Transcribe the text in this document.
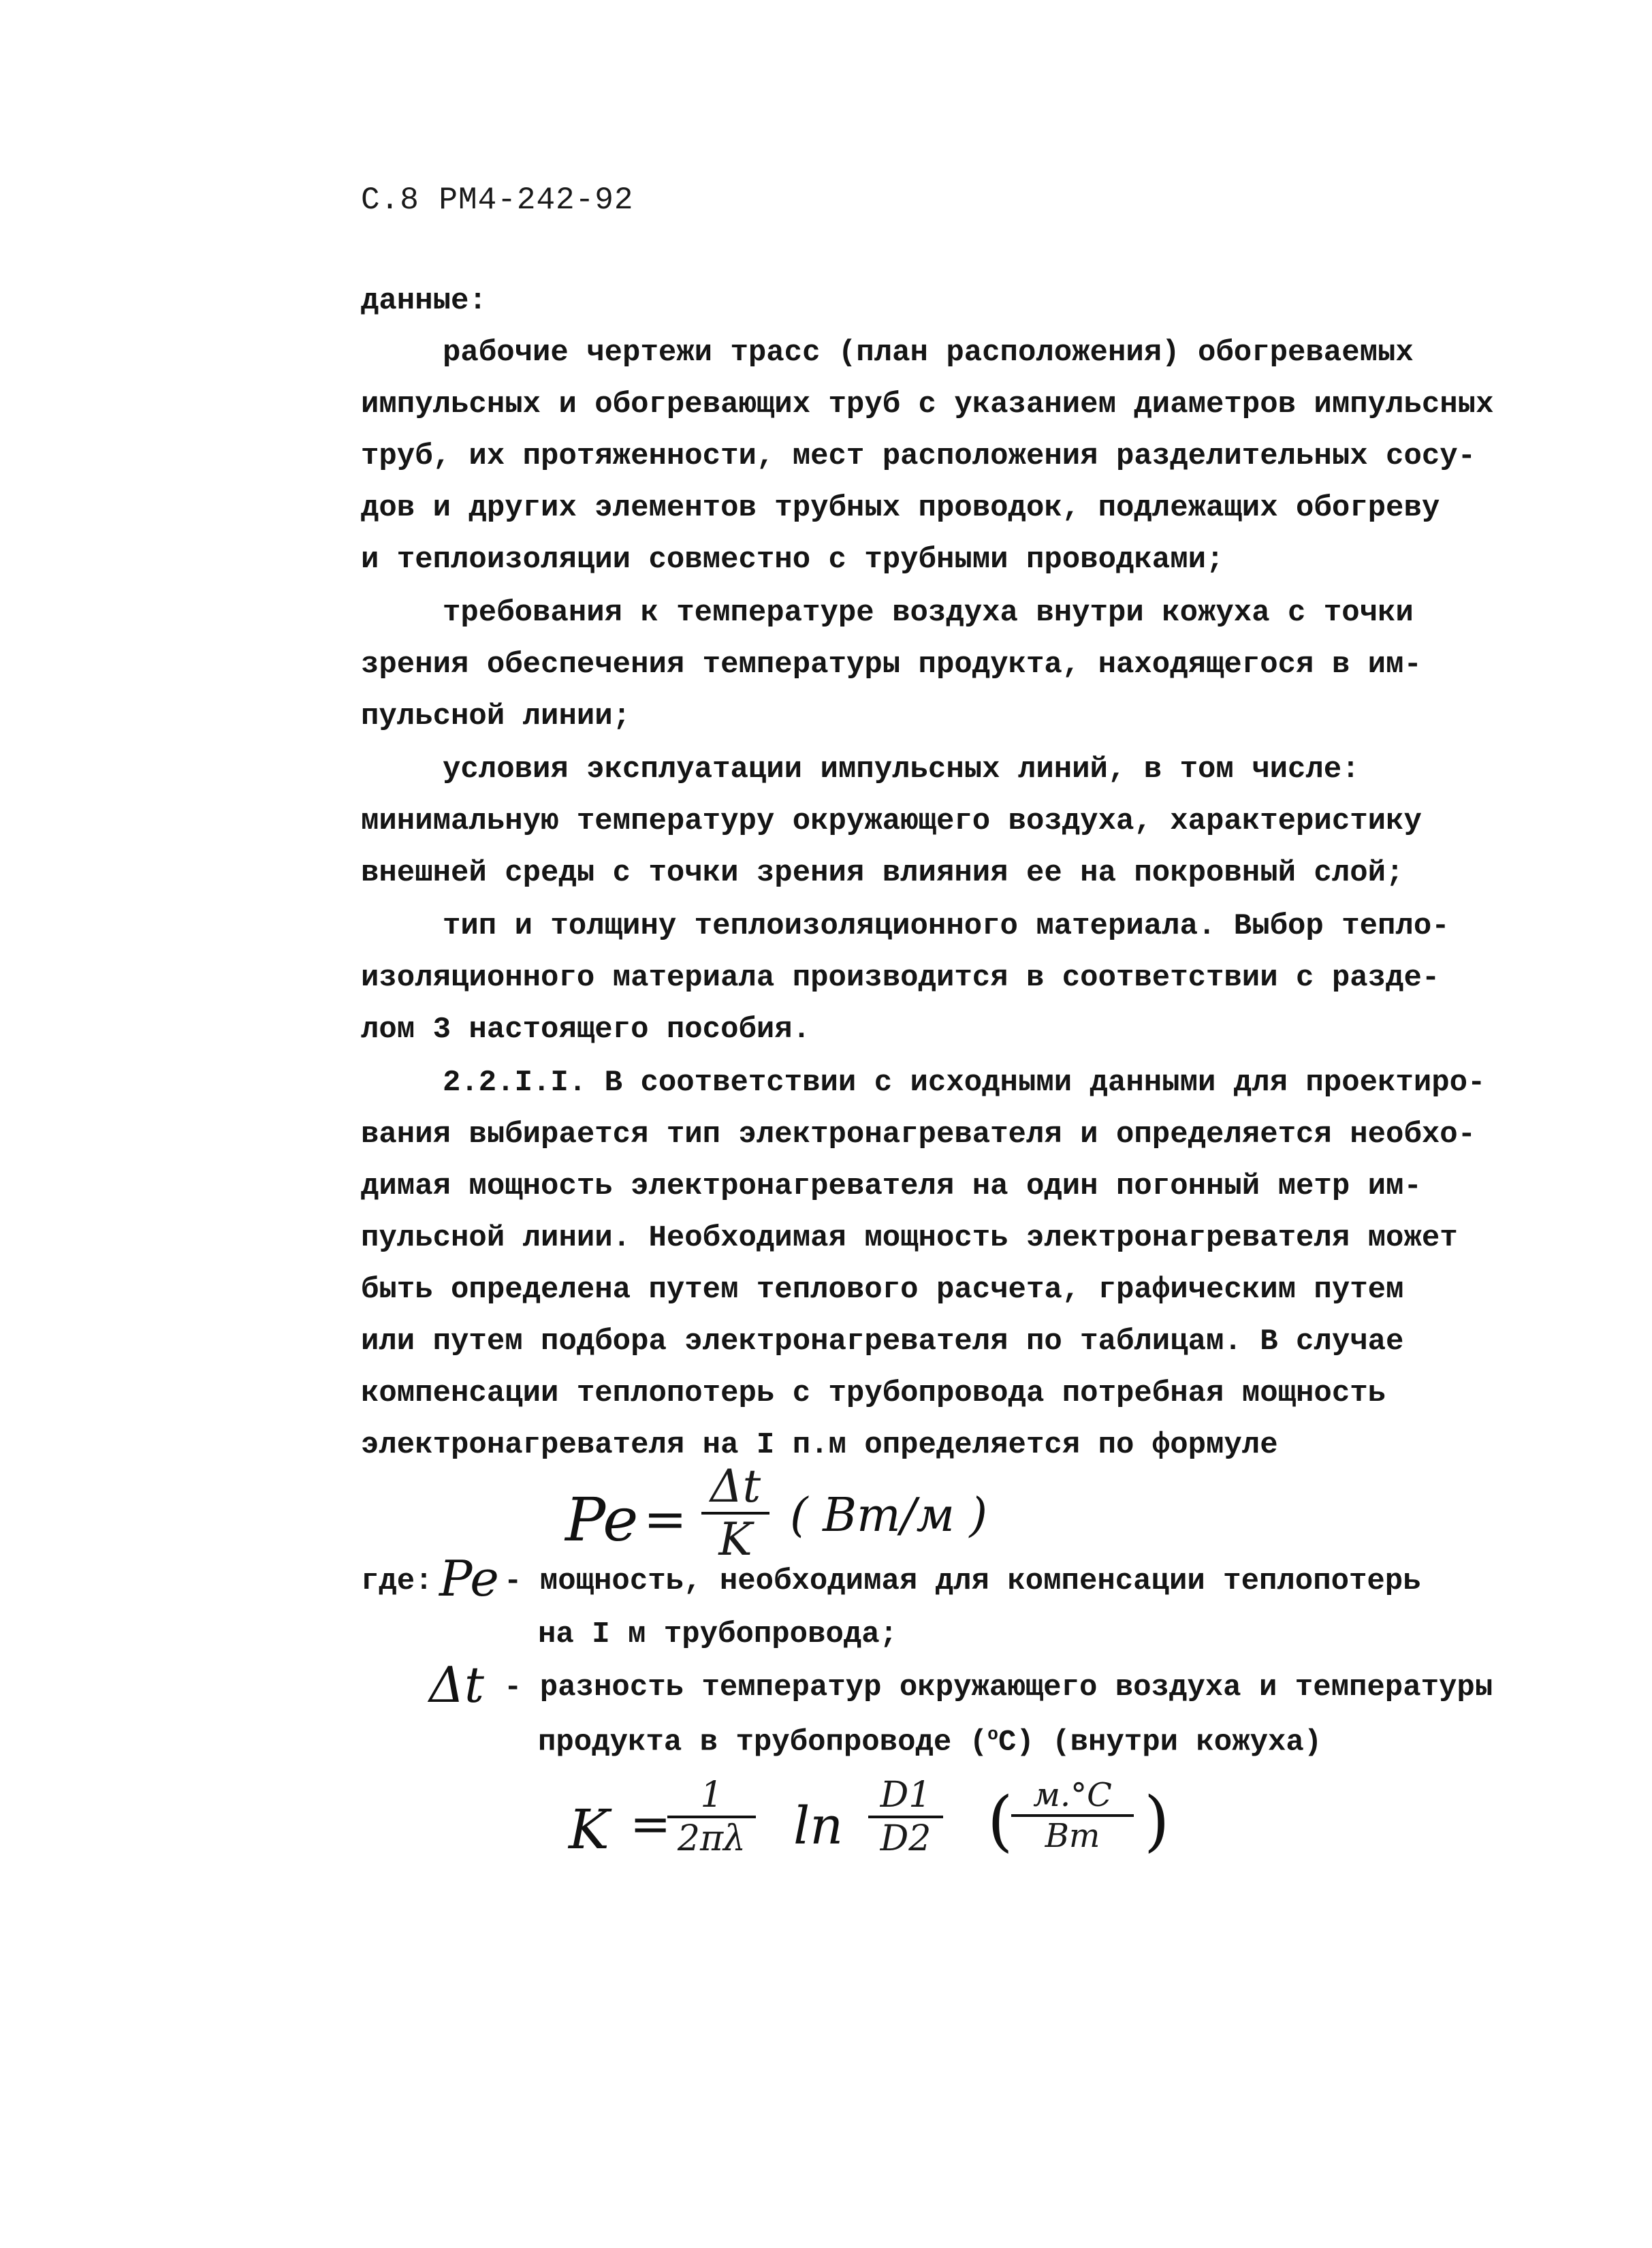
С.8 РМ4-242-92
данные:
рабочие чертежи трасс (план расположения) обогреваемых
импульсных и обогревающих труб с указанием диаметров импульсных
труб, их протяженности, мест расположения разделительных сосу-
дов и других элементов трубных проводок, подлежащих обогреву
и теплоизоляции совместно с трубными проводками;
требования к температуре воздуха внутри кожуха с точки
зрения обеспечения температуры продукта, находящегося в им-
пульсной линии;
условия эксплуатации импульсных линий, в том числе:
минимальную температуру окружающего воздуха, характеристику
внешней среды с точки зрения влияния ее на покровный слой;
тип и толщину теплоизоляционного материала. Выбор тепло-
изоляционного материала производится в соответствии с разде-
лом 3 настоящего пособия.
2.2.I.I. В соответствии с исходными данными для проектиро-
вания выбирается тип электронагревателя и определяется необхо-
димая мощность электронагревателя на один погонный метр им-
пульсной линии. Необходимая мощность электронагревателя может
быть определена путем теплового расчета, графическим путем
или путем подбора электронагревателя по таблицам. В случае
компенсации теплопотерь с трубопровода потребная мощность
электронагревателя на I п.м определяется по формуле
Pe =
Δt
K ( Вт/м )
где: Pe - мощность, необходимая для компенсации теплопотерь
на I м трубопровода;
Δt - разность температур окружающего воздуха и температуры
продукта в трубопроводе ($^о$С) (внутри кожуха)
K = 1
2πλ ln	D1
D2 ( м.°С
Вт )
